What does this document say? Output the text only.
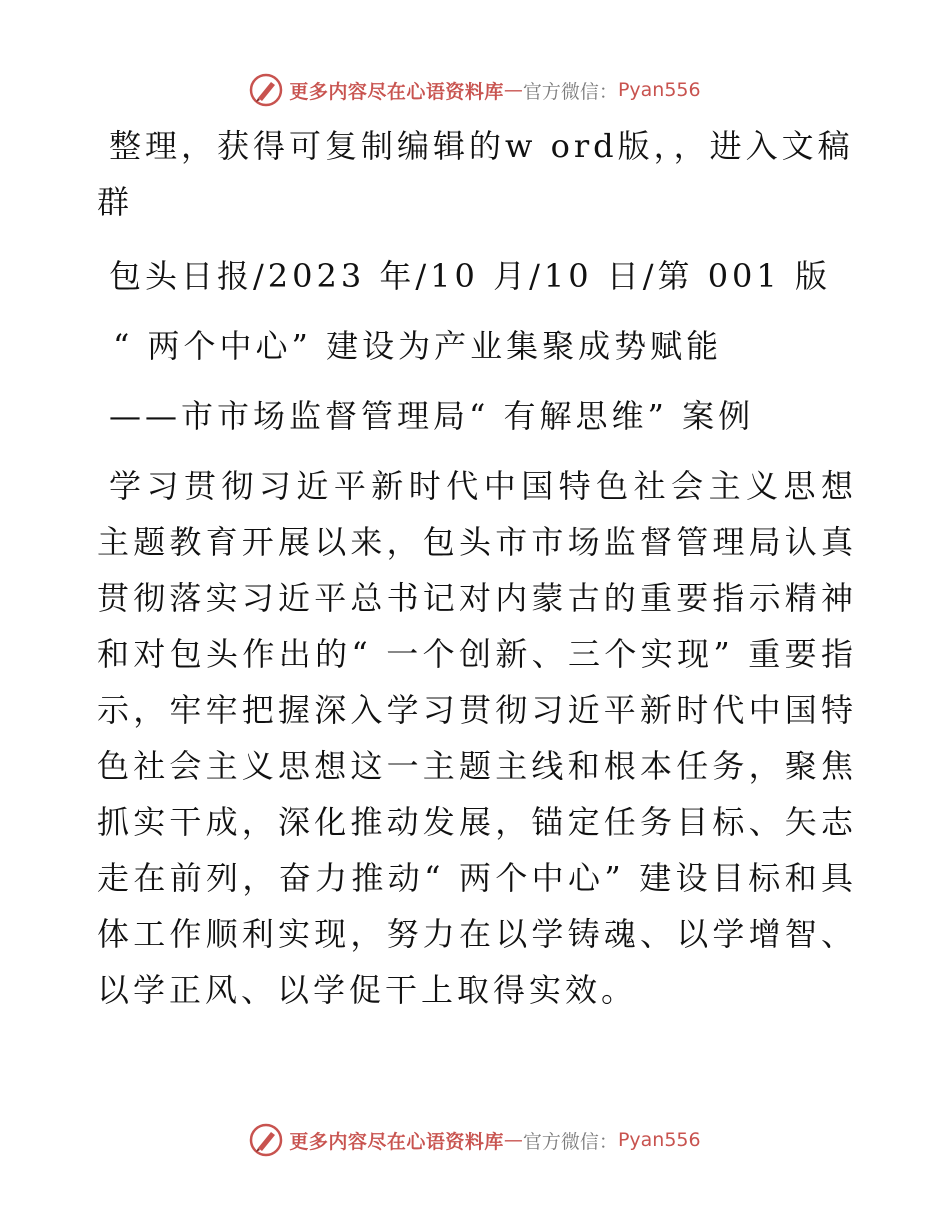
更多内容尽在心语资料库 — 官方微信： Pyan556

整理，获得可复制编辑的w ord版，，进入文稿群

包头日报/2023 年/10 月/10 日/第 001 版

“ 两个中心” 建设为产业集聚成势赋能

——市市场监督管理局“ 有解思维” 案例

学习贯彻习近平新时代中国特色社会主义思想主题教育开展以来，包头市市场监督管理局认真贯彻落实习近平总书记对内蒙古的重要指示精神和对包头作出的“ 一个创新、三个实现” 重要指示，牢牢把握深入学习贯彻习近平新时代中国特色社会主义思想这一主题主线和根本任务，聚焦抓实干成，深化推动发展，锚定任务目标、矢志走在前列，奋力推动“ 两个中心” 建设目标和具体工作顺利实现，努力在以学铸魂、以学增智、以学正风、以学促干上取得实效。

更多内容尽在心语资料库 — 官方微信： Pyan556
